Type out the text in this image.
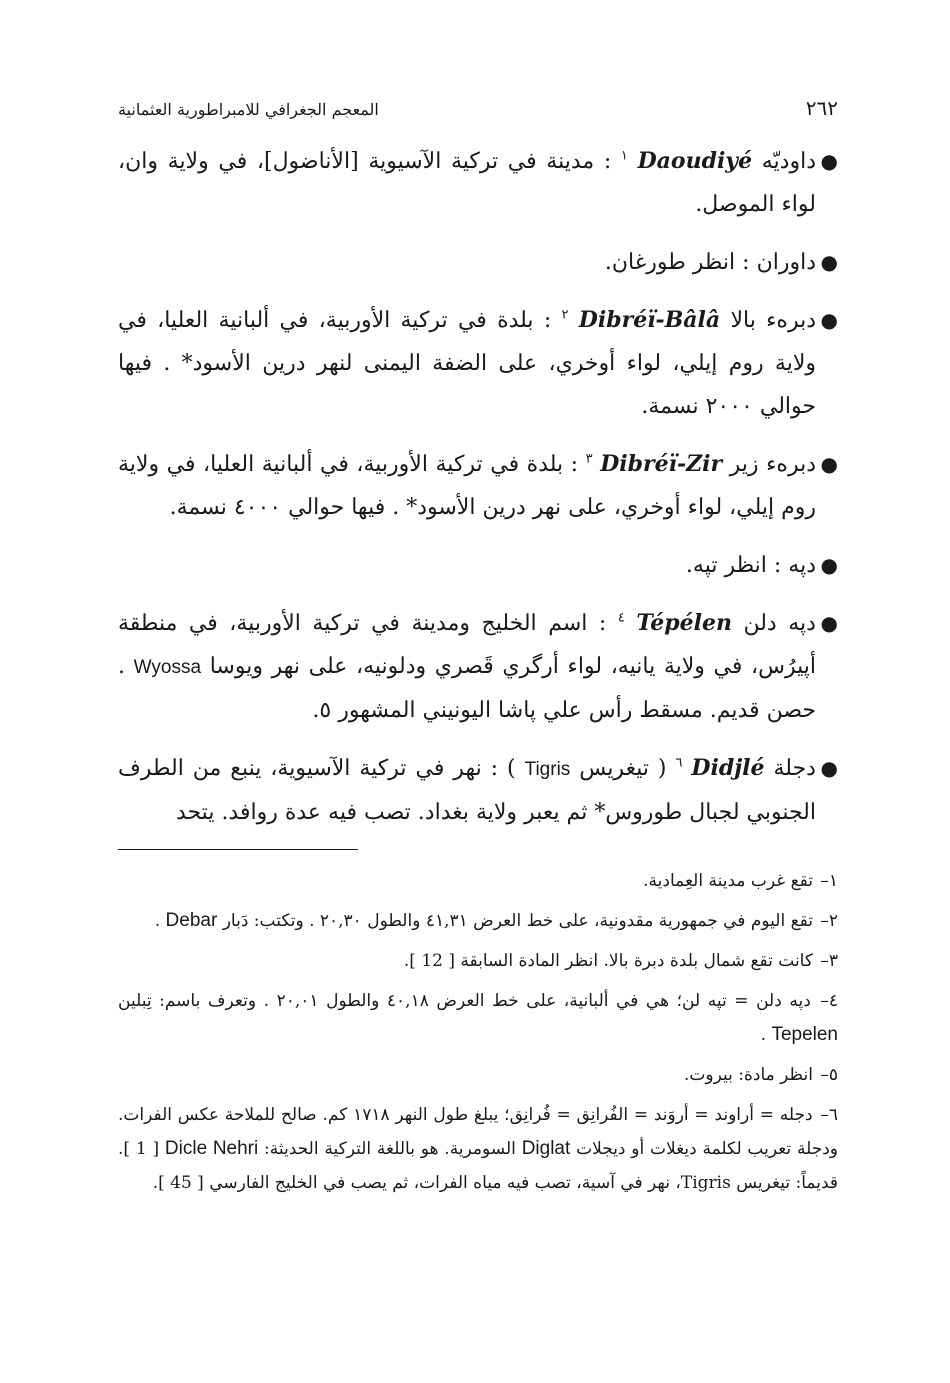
٢٦٢
المعجم الجغرافي للامبراطورية العثمانية
●
داوديّه Daoudiyé $^١$ : مدينة في تركية الآسيوية [الأناضول]، في ولاية وان، لواء الموصل.
●
داوران : انظر طورغان.
●
دبرهء بالا Dibréï-Bâlâ $^٢$ : بلدة في تركية الأوربية، في ألبانية العليا، في ولاية روم إيلي، لواء أوخري، على الضفة اليمنى لنهر درين الأسود* . فيها حوالي ٢٠٠٠ نسمة.
●
دبرهء زير Dibréï-Zir $^٣$ : بلدة في تركية الأوربية، في ألبانية العليا، في ولاية روم إيلي، لواء أوخري، على نهر درين الأسود* . فيها حوالي ٤٠٠٠ نسمة.
●
دپه : انظر تپه.
●
دپه دلن Tépélen $^٤$ : اسم الخليج ومدينة في تركية الأوربية، في منطقة أپيرُس، في ولاية يانيه، لواء أرگري قَصري ودلونيه، على نهر ويوسا Wyossa . حصن قديم. مسقط رأس علي پاشا اليونيني المشهور ٥.
●
دجلة Didjlé $^٦$ ( تيغريس Tigris ) : نهر في تركية الآسيوية، ينبع من الطرف الجنوبي لجبال طوروس* ثم يعبر ولاية بغداد. تصب فيه عدة روافد. يتحد
١– تقع غرب مدينة العِمادية.
٢– تقع اليوم في جمهورية مقدونية، على خط العرض ٤١,٣١ والطول ٢٠,٣٠ . وتكتب: دَبار Debar .
٣– كانت تقع شمال بلدة دبرة بالا. انظر المادة السابقة [ 12 ].
٤– دپه دلن = تپه لن؛ هي في ألبانية، على خط العرض ٤٠,١٨ والطول ٢٠,٠١ . وتعرف باسم: تِبلين Tepelen .
٥– انظر مادة: بيروت.
٦– دجله = أراوند = أروَند = الفُرانِق = فُرانِق؛ يبلغ طول النهر ١٧١٨ كم. صالح للملاحة عكس الفرات. ودجلة تعريب لكلمة ديغلات أو ديجلات Diglat السومرية. هو باللغة التركية الحديثة: Dicle Nehri [ 1 ]. قديماً: تيغريس Tigris، نهر في آسية، تصب فيه مياه الفرات، ثم يصب في الخليج الفارسي [ 45 ].
